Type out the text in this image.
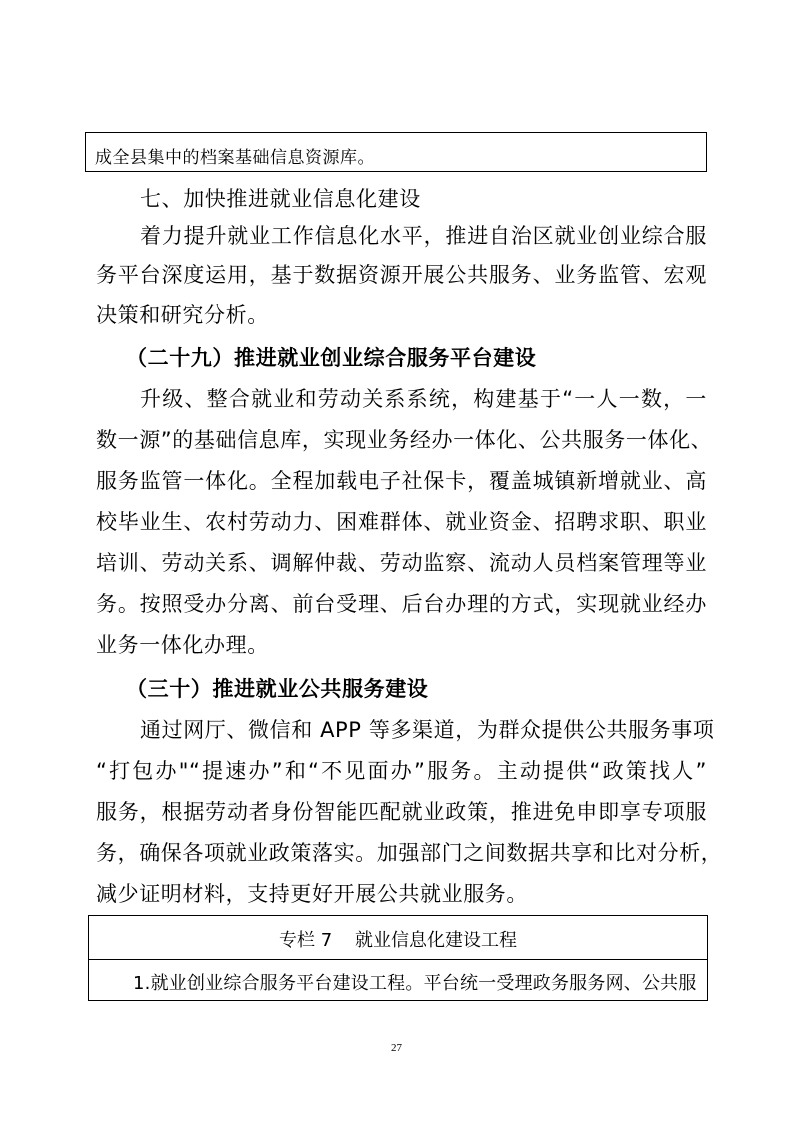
成全县集中的档案基础信息资源库。
七、加快推进就业信息化建设
着力提升就业工作信息化水平，推进自治区就业创业综合服
务平台深度运用，基于数据资源开展公共服务、业务监管、宏观
决策和研究分析。
（二十九）推进就业创业综合服务平台建设
升级、整合就业和劳动关系系统，构建基于“一人一数，一
数一源”的基础信息库，实现业务经办一体化、公共服务一体化、
服务监管一体化。全程加载电子社保卡，覆盖城镇新增就业、高
校毕业生、农村劳动力、困难群体、就业资金、招聘求职、职业
培训、劳动关系、调解仲裁、劳动监察、流动人员档案管理等业
务。按照受办分离、前台受理、后台办理的方式，实现就业经办
业务一体化办理。
（三十）推进就业公共服务建设
通过网厅、微信和 APP 等多渠道，为群众提供公共服务事项
“打包办"“提速办”和“不见面办”服务。主动提供“政策找人”
服务，根据劳动者身份智能匹配就业政策，推进免申即享专项服
务，确保各项就业政策落实。加强部门之间数据共享和比对分析，
减少证明材料，支持更好开展公共就业服务。
专栏 7    就业信息化建设工程
1.就业创业综合服务平台建设工程。平台统一受理政务服务网、公共服
27
